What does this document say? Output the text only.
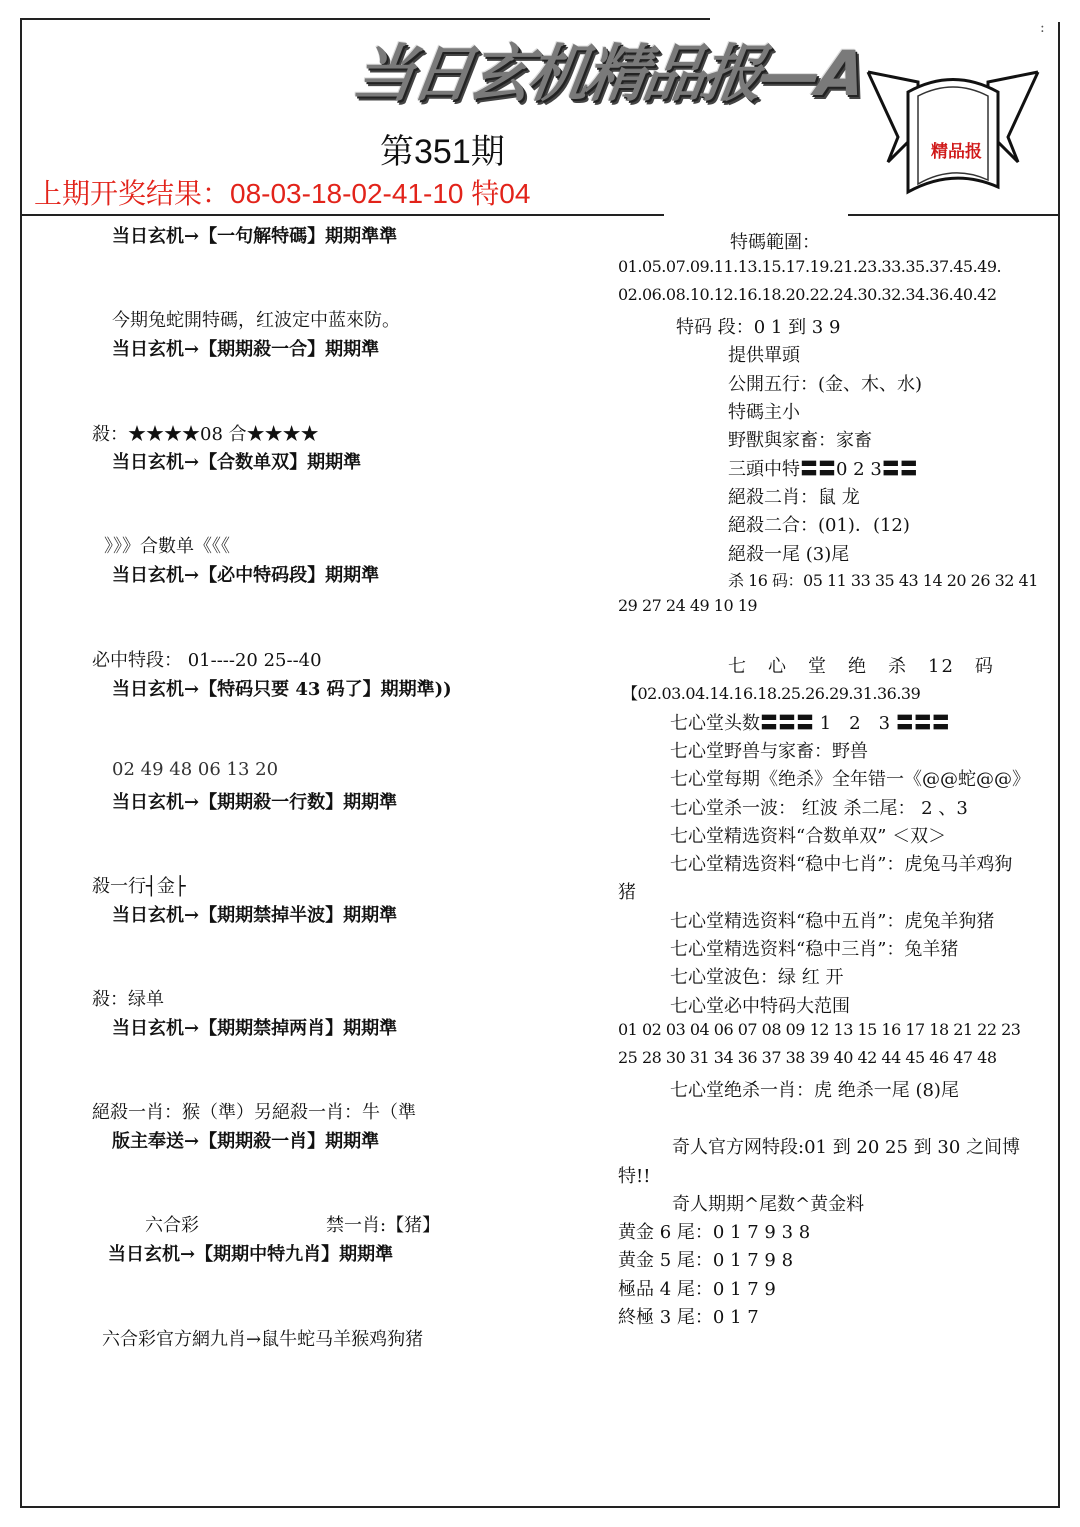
:
当日玄机精品报—A
精品报
第351期
上期开奖结果：08-03-18-02-41-10 特04
当日玄机→【一句解特碼】期期準準
今期兔蛇開特碼，红波定中蓝來防。
当日玄机→【期期殺一合】期期準
殺：★★★★08 合★★★★
当日玄机→【合数单双】期期準
》》》合數单《《《
当日玄机→【必中特码段】期期準
必中特段： 01----20 25--40
当日玄机→【特码只要 43 码了】期期準))
02 49 48 06 13 20
当日玄机→【期期殺一行数】期期準
殺一行┤金├
当日玄机→【期期禁掉半波】期期準
殺：绿单
当日玄机→【期期禁掉两肖】期期準
絕殺一肖：猴（準）另絕殺一肖：牛（準
版主奉送→【期期殺一肖】期期準
六合彩	禁一肖:【猪】
当日玄机→【期期中特九肖】期期準
六合彩官方網九肖→鼠牛蛇马羊猴鸡狗猪
特碼範圍：
01.05.07.09.11.13.15.17.19.21.23.33.35.37.45.49.
02.06.08.10.12.16.18.20.22.24.30.32.34.36.40.42
特码 段：0 1 到 3 9
提供單頭
公開五行：(金、木、水)
特碼主小
野獸與家畜：家畜
三頭中特〓〓0 2 3〓〓
絕殺二肖：鼠 龙
絕殺二合：(01)．(12)
絕殺一尾 (3)尾
杀 16 码：05 11 33 35 43 14 20 26 32 41
29 27 24 49 10 19
七　心　堂　绝　杀　12　码
【02.03.04.14.16.18.25.26.29.31.36.39
七心堂头数〓〓〓 1　2　3 〓〓〓
七心堂野兽与家畜：野兽
七心堂每期《绝杀》全年错一《@@蛇@@》
七心堂杀一波： 红波 杀二尾： 2 、3
七心堂精选资料“合数单双” ＜双＞
七心堂精选资料“稳中七肖”：虎兔马羊鸡狗
猪
七心堂精选资料“稳中五肖”：虎兔羊狗猪
七心堂精选资料“稳中三肖”：兔羊猪
七心堂波色：绿 红 开
七心堂必中特码大范围
01 02 03 04 06 07 08 09 12 13 15 16 17 18 21 22 23
25 28 30 31 34 36 37 38 39 40 42 44 45 46 47 48
七心堂绝杀一肖：虎 绝杀一尾 (8)尾
奇人官方网特段:01 到 20 25 到 30 之间博
特!!
奇人期期^尾数^黄金料
黄金 6 尾：0 1 7 9 3 8
黄金 5 尾：0 1 7 9 8
極品 4 尾：0 1 7 9
終極 3 尾：0 1 7
